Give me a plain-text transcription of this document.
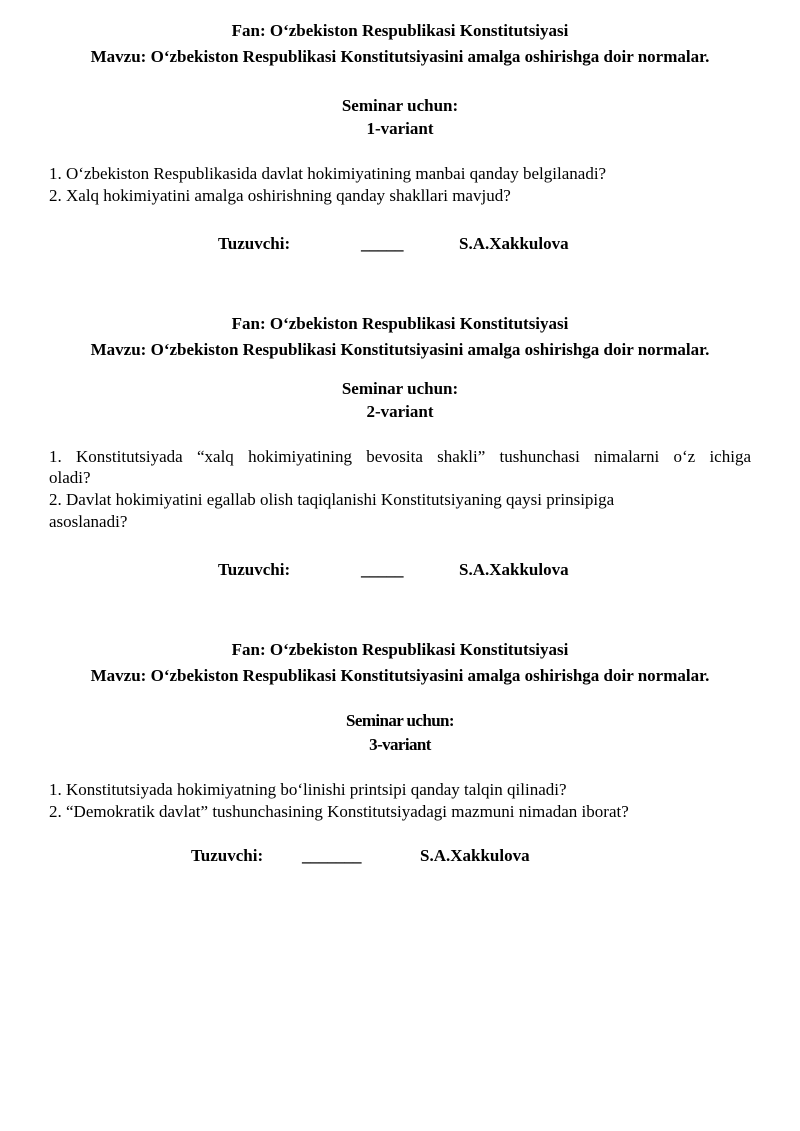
Fan: O‘zbekiston Respublikasi Konstitutsiyasi
Mavzu: O‘zbekiston Respublikasi Konstitutsiyasini amalga oshirishga doir normalar.
Seminar uchun:
1-variant
1. O‘zbekiston Respublikasida davlat hokimiyatining manbai qanday belgilanadi?
2. Xalq hokimiyatini amalga oshirishning qanday shakllari mavjud?
Tuzuvchi:	_____	S.A.Xakkulova
Fan: O‘zbekiston Respublikasi Konstitutsiyasi
Mavzu: O‘zbekiston Respublikasi Konstitutsiyasini amalga oshirishga doir normalar.
Seminar uchun:
2-variant
1. Konstitutsiyada “xalq hokimiyatining bevosita shakli” tushunchasi nimalarni o‘z ichiga
oladi?
2. Davlat hokimiyatini egallab olish taqiqlanishi Konstitutsiyaning qaysi prinsipiga
asoslanadi?
Tuzuvchi:	_____	S.A.Xakkulova
Fan: O‘zbekiston Respublikasi Konstitutsiyasi
Mavzu: O‘zbekiston Respublikasi Konstitutsiyasini amalga oshirishga doir normalar.
Seminar uchun:
3-variant
1. Konstitutsiyada hokimiyatning bo‘linishi printsipi qanday talqin qilinadi?
2. “Demokratik davlat” tushunchasining Konstitutsiyadagi mazmuni nimadan iborat?
Tuzuvchi: _______	S.A.Xakkulova
